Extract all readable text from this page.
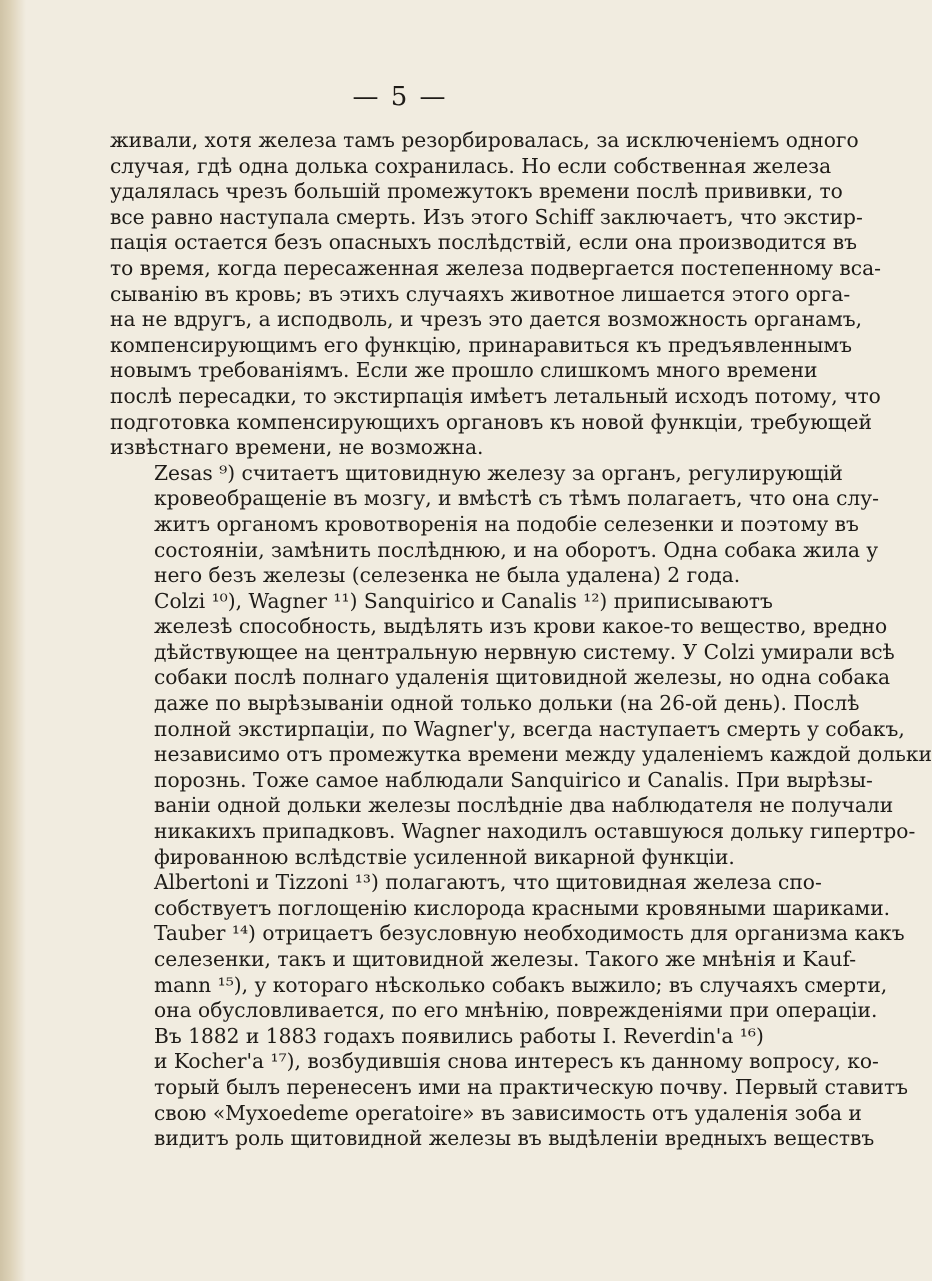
— 5 —

живали, хотя железа тамъ резорбировалась, за исключеніемъ одного
случая, гдѣ одна долька сохранилась. Но если собственная железа
удалялась чрезъ большій промежутокъ времени послѣ прививки, то
все равно наступала смерть. Изъ этого Schiff заключаетъ, что экстир-
пація остается безъ опасныхъ послѣдствій, если она производится въ
то время, когда пересаженная железа подвергается постепенному вса-
сыванію въ кровь; въ этихъ случаяхъ животное лишается этого орга-
на не вдругъ, а исподволь, и чрезъ это дается возможность органамъ,
компенсирующимъ его функцію, принаравиться къ предъявленнымъ
новымъ требованіямъ. Если же прошло слишкомъ много времени
послѣ пересадки, то экстирпація имѣетъ летальный исходъ потому, что
подготовка компенсирующихъ органовъ къ новой функціи, требующей
извѣстнаго времени, не возможна.

Zesas ⁹) считаетъ щитовидную железу за органъ, регулирующій
кровеобращеніе въ мозгу, и вмѣстѣ съ тѣмъ полагаетъ, что она слу-
житъ органомъ кровотворенія на подобіе селезенки и поэтому въ
состояніи, замѣнить послѣднюю, и на оборотъ. Одна собака жила у
него безъ железы (селезенка не была удалена) 2 года.

Colzi ¹⁰), Wagner ¹¹) Sanquirico и Canalis ¹²) приписываютъ
железѣ способность, выдѣлять изъ крови какое-то вещество, вредно
дѣйствующее на центральную нервную систему. У Colzi умирали всѣ
собаки послѣ полнаго удаленія щитовидной железы, но одна собака
даже по вырѣзываніи одной только дольки (на 26-ой день). Послѣ
полной экстирпаціи, по Wagner'у, всегда наступаетъ смерть у собакъ,
независимо отъ промежутка времени между удаленіемъ каждой дольки
порознь. Тоже самое наблюдали Sanquirico и Canalis. При вырѣзы-
ваніи одной дольки железы послѣдніе два наблюдателя не получали
никакихъ припадковъ. Wagner находилъ оставшуюся дольку гипертро-
фированною вслѣдствіе усиленной викарной функціи.

Albertoni и Tizzoni ¹³) полагаютъ, что щитовидная железа спо-
собствуетъ поглощенію кислорода красными кровяными шариками.
Tauber ¹⁴) отрицаетъ безусловную необходимость для организма какъ
селезенки, такъ и щитовидной железы. Такого же мнѣнія и Kauf-
mann ¹⁵), у котораго нѣсколько собакъ выжило; въ случаяхъ смерти,
она обусловливается, по его мнѣнію, поврежденіями при операціи.

Въ 1882 и 1883 годахъ появились работы I. Reverdin'а ¹⁶)
и Kocher'а ¹⁷), возбудившія снова интересъ къ данному вопросу, ко-
торый былъ перенесенъ ими на практическую почву. Первый ставитъ
свою «Myxoedeme operatoire» въ зависимость отъ удаленія зоба и
видитъ роль щитовидной железы въ выдѣленіи вредныхъ веществъ
